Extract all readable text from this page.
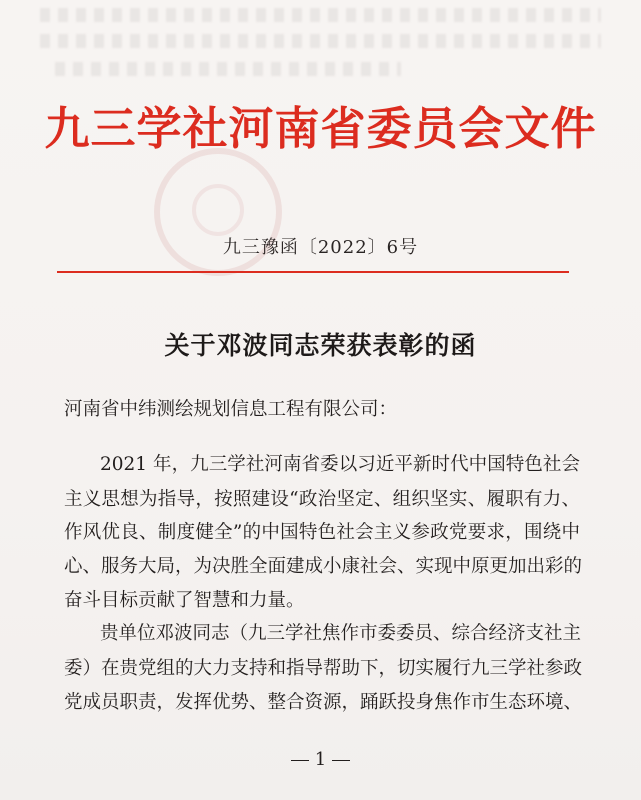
九三学社河南省委员会文件
九三豫函〔2022〕6号
关于邓波同志荣获表彰的函

河南省中纬测绘规划信息工程有限公司：

2021 年，九三学社河南省委以习近平新时代中国特色社会

主义思想为指导，按照建设“政治坚定、组织坚实、履职有力、

作风优良、制度健全”的中国特色社会主义参政党要求，围绕中

心、服务大局，为决胜全面建成小康社会、实现中原更加出彩的

奋斗目标贡献了智慧和力量。

贵单位邓波同志（九三学社焦作市委委员、综合经济支社主

委）在贵党组的大力支持和指导帮助下，切实履行九三学社参政

党成员职责，发挥优势、整合资源，踊跃投身焦作市生态环境、

1
